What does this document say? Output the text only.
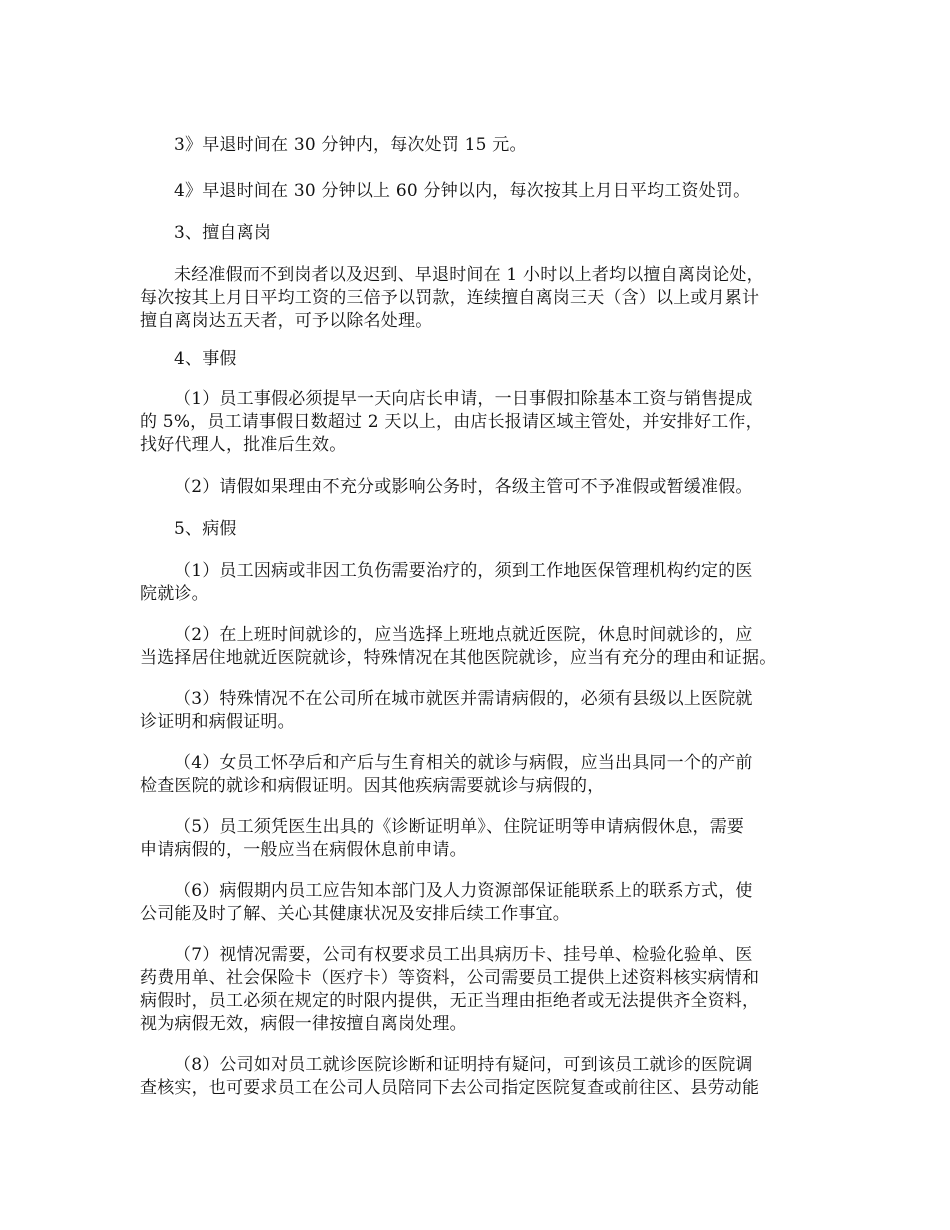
3》早退时间在 30 分钟内，每次处罚 15 元。
4》早退时间在 30 分钟以上 60 分钟以内，每次按其上月日平均工资处罚。
3、擅自离岗
未经准假而不到岗者以及迟到、早退时间在 1 小时以上者均以擅自离岗论处，
每次按其上月日平均工资的三倍予以罚款，连续擅自离岗三天（含）以上或月累计
擅自离岗达五天者，可予以除名处理。
4、事假
（1）员工事假必须提早一天向店长申请，一日事假扣除基本工资与销售提成
的 5%，员工请事假日数超过 2 天以上，由店长报请区域主管处，并安排好工作，
找好代理人，批准后生效。
（2）请假如果理由不充分或影响公务时，各级主管可不予准假或暂缓准假。
5、病假
（1）员工因病或非因工负伤需要治疗的，须到工作地医保管理机构约定的医
院就诊。
（2）在上班时间就诊的，应当选择上班地点就近医院，休息时间就诊的，应
当选择居住地就近医院就诊，特殊情况在其他医院就诊，应当有充分的理由和证据。
（3）特殊情况不在公司所在城市就医并需请病假的，必须有县级以上医院就
诊证明和病假证明。
（4）女员工怀孕后和产后与生育相关的就诊与病假，应当出具同一个的产前
检查医院的就诊和病假证明。因其他疾病需要就诊与病假的，
（5）员工须凭医生出具的《诊断证明单》、住院证明等申请病假休息，需要
申请病假的，一般应当在病假休息前申请。
（6）病假期内员工应告知本部门及人力资源部保证能联系上的联系方式，使
公司能及时了解、关心其健康状况及安排后续工作事宜。
（7）视情况需要，公司有权要求员工出具病历卡、挂号单、检验化验单、医
药费用单、社会保险卡（医疗卡）等资料，公司需要员工提供上述资料核实病情和
病假时，员工必须在规定的时限内提供，无正当理由拒绝者或无法提供齐全资料，
视为病假无效，病假一律按擅自离岗处理。
（8）公司如对员工就诊医院诊断和证明持有疑问，可到该员工就诊的医院调
查核实，也可要求员工在公司人员陪同下去公司指定医院复查或前往区、县劳动能
